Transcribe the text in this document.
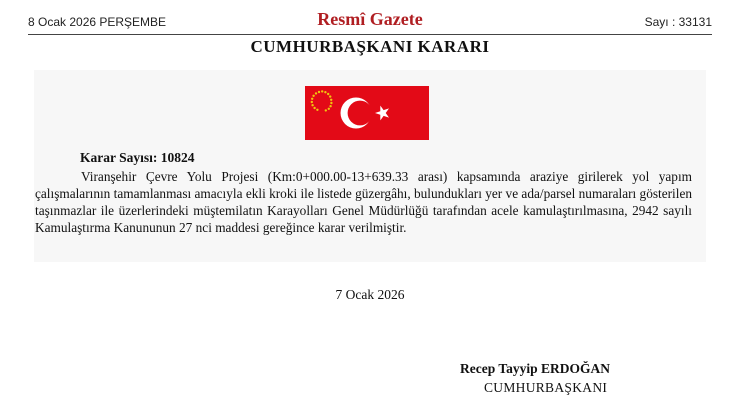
8 Ocak 2026 PERŞEMBE	Resmî Gazete	Sayı : 33131
CUMHURBAŞKANI KARARI
Karar Sayısı: 10824
Viranşehir Çevre Yolu Projesi (Km:0+000.00-13+639.33 arası) kapsamında araziye girilerek yol yapım çalışmalarının tamamlanması amacıyla ekli kroki ile listede güzergâhı, bulundukları yer ve ada/parsel numaraları gösterilen taşınmazlar ile üzerlerindeki müştemilatın Karayolları Genel Müdürlüğü tarafından acele kamulaştırılmasına, 2942 sayılı Kamulaştırma Kanununun 27 nci maddesi gereğince karar verilmiştir.
7 Ocak 2026
Recep Tayyip ERDOĞAN
CUMHURBAŞKANI
